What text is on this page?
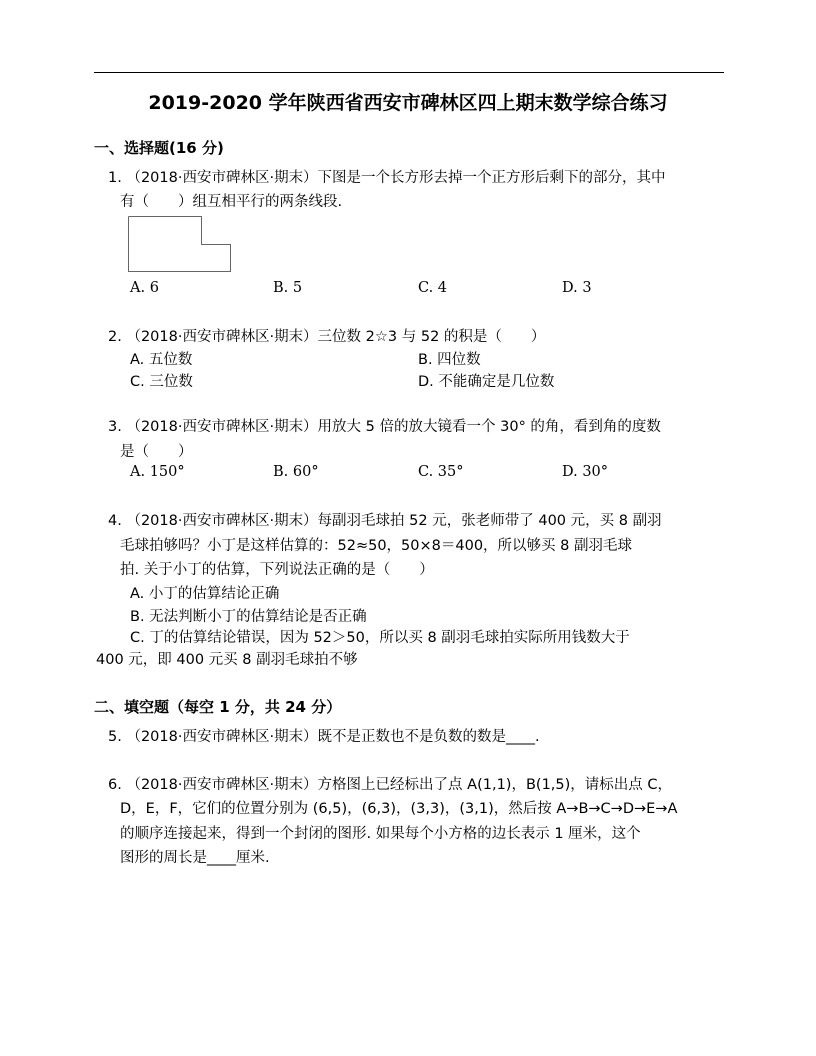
2019-2020 学年陕西省西安市碑林区四上期末数学综合练习
一、选择题(16 分)
1. （2018·西安市碑林区·期末）下图是一个长方形去掉一个正方形后剩下的部分，其中
有（　　）组互相平行的两条线段.
A. 6	B. 5	C. 4	D. 3
2. （2018·西安市碑林区·期末）三位数 2☆3 与 52 的积是（　　）
A. 五位数	B. 四位数
C. 三位数	D. 不能确定是几位数
3. （2018·西安市碑林区·期末）用放大 5 倍的放大镜看一个 30° 的角，看到角的度数
是（　　）
A. 150°	B. 60°	C. 35°	D. 30°
4. （2018·西安市碑林区·期末）每副羽毛球拍 52 元，张老师带了 400 元，买 8 副羽
毛球拍够吗？小丁是这样估算的：52≈50，50×8＝400，所以够买 8 副羽毛球
拍. 关于小丁的估算，下列说法正确的是（　　）
A. 小丁的估算结论正确
B. 无法判断小丁的估算结论是否正确
C. 丁的估算结论错误，因为 52＞50，所以买 8 副羽毛球拍实际所用钱数大于
400 元，即 400 元买 8 副羽毛球拍不够
二、填空题（每空 1 分，共 24 分）
5. （2018·西安市碑林区·期末）既不是正数也不是负数的数是____.
6. （2018·西安市碑林区·期末）方格图上已经标出了点 A(1,1)，B(1,5)，请标出点 C，
D，E，F，它们的位置分别为 (6,5)，(6,3)，(3,3)，(3,1)，然后按 A→B→C→D→E→A
的顺序连接起来，得到一个封闭的图形. 如果每个小方格的边长表示 1 厘米，这个
图形的周长是____厘米.
